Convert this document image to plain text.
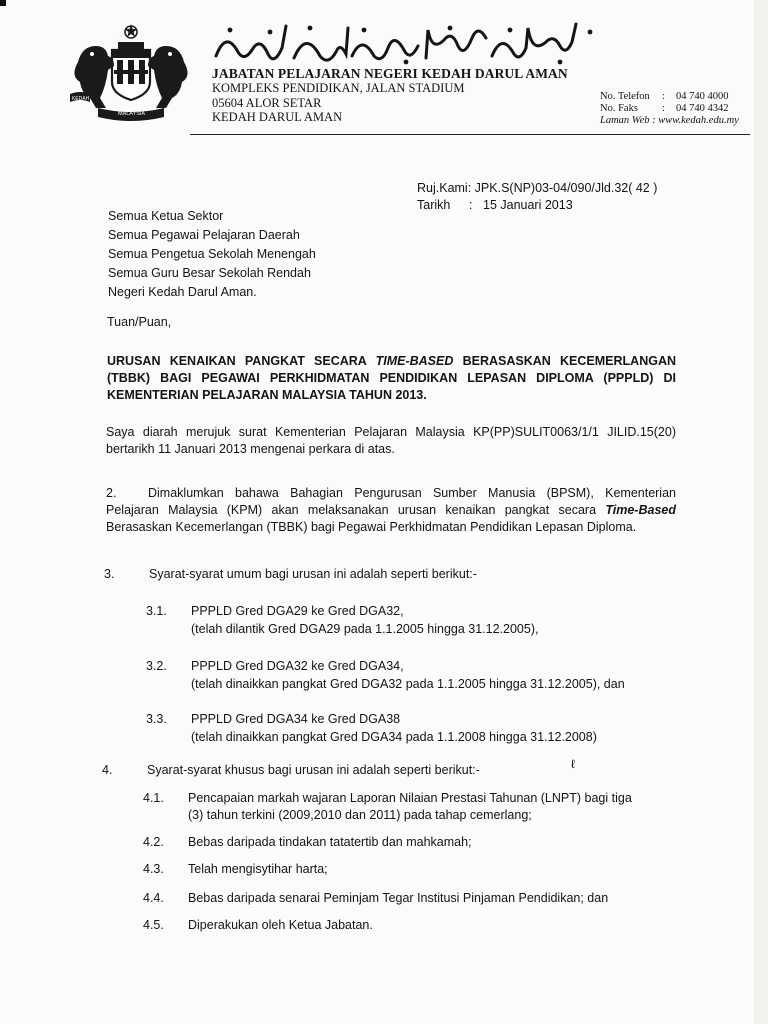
KEDAH
MALAYSIA
JABATAN PELAJARAN NEGERI KEDAH DARUL AMAN
KOMPLEKS PENDIDIKAN, JALAN STADIUM
05604 ALOR SETAR
KEDAH DARUL AMAN
No. Telefon	:	04 740 4000
No. Faks	:	04 740 4342
Laman Web : www.kedah.edu.my
Ruj.Kami:
JPK.S(NP)03-04/090/Jld.32( 42 )
Tarikh	: 15 Januari 2013
Semua Ketua Sektor
Semua Pegawai Pelajaran Daerah
Semua Pengetua Sekolah Menengah
Semua Guru Besar Sekolah Rendah
Negeri Kedah Darul Aman.
Tuan/Puan,
URUSAN KENAIKAN PANGKAT SECARA TIME-BASED BERASASKAN KECEMERLANGAN (TBBK) BAGI PEGAWAI PERKHIDMATAN PENDIDIKAN LEPASAN DIPLOMA (PPPLD) DI KEMENTERIAN PELAJARAN MALAYSIA TAHUN 2013.
Saya diarah merujuk surat Kementerian Pelajaran Malaysia KP(PP)SULIT0063/1/1 JILID.15(20) bertarikh 11 Januari 2013 mengenai perkara di atas.
2.	Dimaklumkan bahawa Bahagian Pengurusan Sumber Manusia (BPSM), Kementerian Pelajaran Malaysia (KPM) akan melaksanakan urusan kenaikan pangkat secara Time-Based Berasaskan Kecemerlangan (TBBK) bagi Pegawai Perkhidmatan Pendidikan Lepasan Diploma.
3.	Syarat-syarat umum bagi urusan ini adalah seperti berikut:-
3.1. PPPLD Gred DGA29 ke Gred DGA32,
(telah dilantik Gred DGA29 pada 1.1.2005 hingga 31.12.2005),
3.2. PPPLD Gred DGA32 ke Gred DGA34,
(telah dinaikkan pangkat Gred DGA32 pada 1.1.2005 hingga 31.12.2005), dan
3.3. PPPLD Gred DGA34 ke Gred DGA38
(telah dinaikkan pangkat Gred DGA34 pada 1.1.2008 hingga 31.12.2008)
ℓ
4.	Syarat-syarat khusus bagi urusan ini adalah seperti berikut:-
4.1. Pencapaian markah wajaran Laporan Nilaian Prestasi Tahunan (LNPT) bagi tiga
(3) tahun terkini (2009,2010 dan 2011) pada tahap cemerlang;
4.2. Bebas daripada tindakan tatatertib dan mahkamah;
4.3. Telah mengisytihar harta;
4.4. Bebas daripada senarai Peminjam Tegar Institusi Pinjaman Pendidikan; dan
4.5. Diperakukan oleh Ketua Jabatan.
